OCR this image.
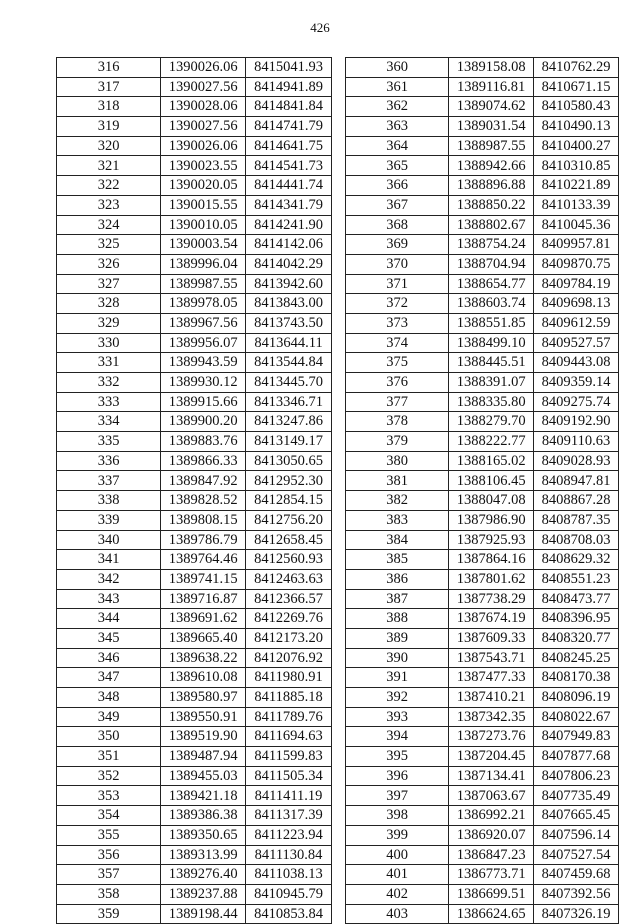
426
316	1390026.06	8415041.93
317	1390027.56	8414941.89
318	1390028.06	8414841.84
319	1390027.56	8414741.79
320	1390026.06	8414641.75
321	1390023.55	8414541.73
322	1390020.05	8414441.74
323	1390015.55	8414341.79
324	1390010.05	8414241.90
325	1390003.54	8414142.06
326	1389996.04	8414042.29
327	1389987.55	8413942.60
328	1389978.05	8413843.00
329	1389967.56	8413743.50
330	1389956.07	8413644.11
331	1389943.59	8413544.84
332	1389930.12	8413445.70
333	1389915.66	8413346.71
334	1389900.20	8413247.86
335	1389883.76	8413149.17
336	1389866.33	8413050.65
337	1389847.92	8412952.30
338	1389828.52	8412854.15
339	1389808.15	8412756.20
340	1389786.79	8412658.45
341	1389764.46	8412560.93
342	1389741.15	8412463.63
343	1389716.87	8412366.57
344	1389691.62	8412269.76
345	1389665.40	8412173.20
346	1389638.22	8412076.92
347	1389610.08	8411980.91
348	1389580.97	8411885.18
349	1389550.91	8411789.76
350	1389519.90	8411694.63
351	1389487.94	8411599.83
352	1389455.03	8411505.34
353	1389421.18	8411411.19
354	1389386.38	8411317.39
355	1389350.65	8411223.94
356	1389313.99	8411130.84
357	1389276.40	8411038.13
358	1389237.88	8410945.79
359	1389198.44	8410853.84
360	1389158.08	8410762.29
361	1389116.81	8410671.15
362	1389074.62	8410580.43
363	1389031.54	8410490.13
364	1388987.55	8410400.27
365	1388942.66	8410310.85
366	1388896.88	8410221.89
367	1388850.22	8410133.39
368	1388802.67	8410045.36
369	1388754.24	8409957.81
370	1388704.94	8409870.75
371	1388654.77	8409784.19
372	1388603.74	8409698.13
373	1388551.85	8409612.59
374	1388499.10	8409527.57
375	1388445.51	8409443.08
376	1388391.07	8409359.14
377	1388335.80	8409275.74
378	1388279.70	8409192.90
379	1388222.77	8409110.63
380	1388165.02	8409028.93
381	1388106.45	8408947.81
382	1388047.08	8408867.28
383	1387986.90	8408787.35
384	1387925.93	8408708.03
385	1387864.16	8408629.32
386	1387801.62	8408551.23
387	1387738.29	8408473.77
388	1387674.19	8408396.95
389	1387609.33	8408320.77
390	1387543.71	8408245.25
391	1387477.33	8408170.38
392	1387410.21	8408096.19
393	1387342.35	8408022.67
394	1387273.76	8407949.83
395	1387204.45	8407877.68
396	1387134.41	8407806.23
397	1387063.67	8407735.49
398	1386992.21	8407665.45
399	1386920.07	8407596.14
400	1386847.23	8407527.54
401	1386773.71	8407459.68
402	1386699.51	8407392.56
403	1386624.65	8407326.19
